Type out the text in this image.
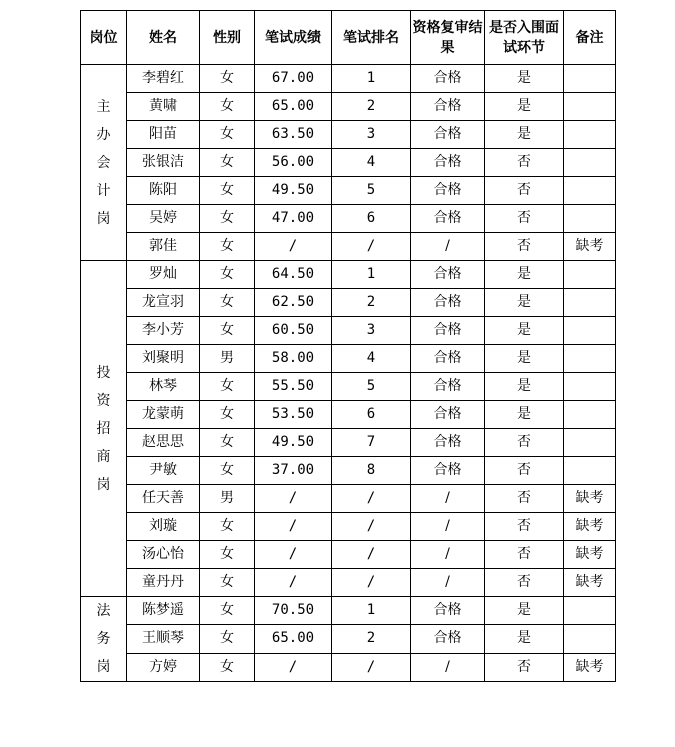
岗位	姓名	性别	笔试成绩	笔试排名	资格复审结果	是否入围面试环节	备注
主办会计岗	李碧红	女	67.00	1	合格	是	
	黄啸	女	65.00	2	合格	是	
	阳苗	女	63.50	3	合格	是	
	张银洁	女	56.00	4	合格	否	
	陈阳	女	49.50	5	合格	否	
	吴婷	女	47.00	6	合格	否	
	郭佳	女	/	/	/	否	缺考
投资招商岗	罗灿	女	64.50	1	合格	是	
	龙宣羽	女	62.50	2	合格	是	
	李小芳	女	60.50	3	合格	是	
	刘聚明	男	58.00	4	合格	是	
	林琴	女	55.50	5	合格	是	
	龙蒙萌	女	53.50	6	合格	是	
	赵思思	女	49.50	7	合格	否	
	尹敏	女	37.00	8	合格	否	
	任天善	男	/	/	/	否	缺考
	刘璇	女	/	/	/	否	缺考
	汤心怡	女	/	/	/	否	缺考
	童丹丹	女	/	/	/	否	缺考
法务岗	陈梦遥	女	70.50	1	合格	是	
	王顺琴	女	65.00	2	合格	是	
	方婷	女	/	/	/	否	缺考
